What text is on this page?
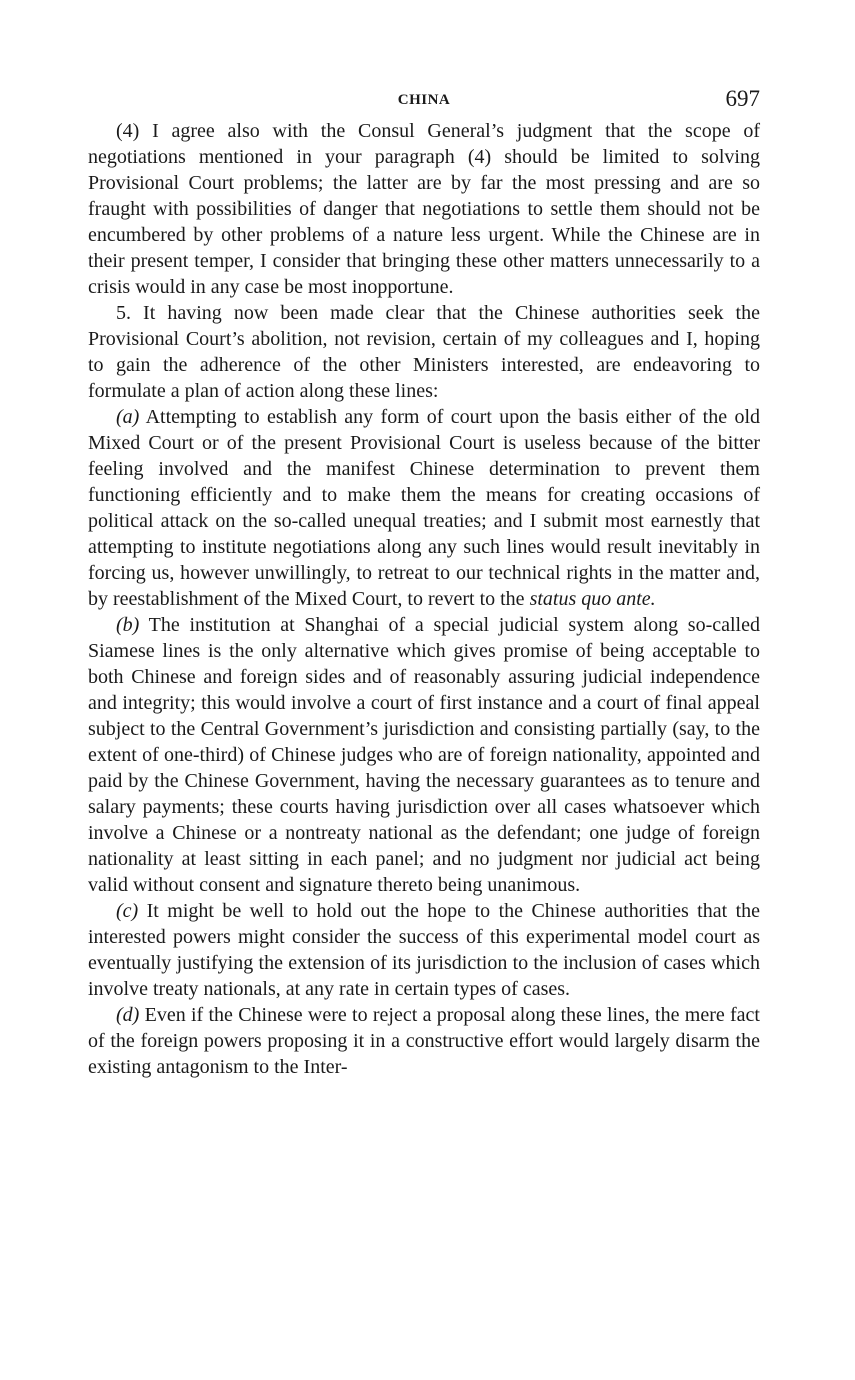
CHINA	697

(4) I agree also with the Consul General’s judgment that the scope of negotiations mentioned in your paragraph (4) should be limited to solving Provisional Court problems; the latter are by far the most pressing and are so fraught with possibilities of danger that negotiations to settle them should not be encumbered by other problems of a nature less urgent. While the Chinese are in their present temper, I consider that bringing these other matters unnecessarily to a crisis would in any case be most inopportune.

5. It having now been made clear that the Chinese authorities seek the Provisional Court’s abolition, not revision, certain of my colleagues and I, hoping to gain the adherence of the other Ministers interested, are endeavoring to formulate a plan of action along these lines:

(a) Attempting to establish any form of court upon the basis either of the old Mixed Court or of the present Provisional Court is useless because of the bitter feeling involved and the manifest Chinese determination to prevent them functioning efficiently and to make them the means for creating occasions of political attack on the so-called unequal treaties; and I submit most earnestly that attempting to institute negotiations along any such lines would result inevitably in forcing us, however unwillingly, to retreat to our technical rights in the matter and, by reestablishment of the Mixed Court, to revert to the status quo ante.

(b) The institution at Shanghai of a special judicial system along so-called Siamese lines is the only alternative which gives promise of being acceptable to both Chinese and foreign sides and of reasonably assuring judicial independence and integrity; this would involve a court of first instance and a court of final appeal subject to the Central Government’s jurisdiction and consisting partially (say, to the extent of one-third) of Chinese judges who are of foreign nationality, appointed and paid by the Chinese Government, having the necessary guarantees as to tenure and salary payments; these courts having jurisdiction over all cases whatsoever which involve a Chinese or a nontreaty national as the defendant; one judge of foreign nationality at least sitting in each panel; and no judgment nor judicial act being valid without consent and signature thereto being unanimous.

(c) It might be well to hold out the hope to the Chinese authorities that the interested powers might consider the success of this experimental model court as eventually justifying the extension of its jurisdiction to the inclusion of cases which involve treaty nationals, at any rate in certain types of cases.

(d) Even if the Chinese were to reject a proposal along these lines, the mere fact of the foreign powers proposing it in a constructive effort would largely disarm the existing antagonism to the Inter-
